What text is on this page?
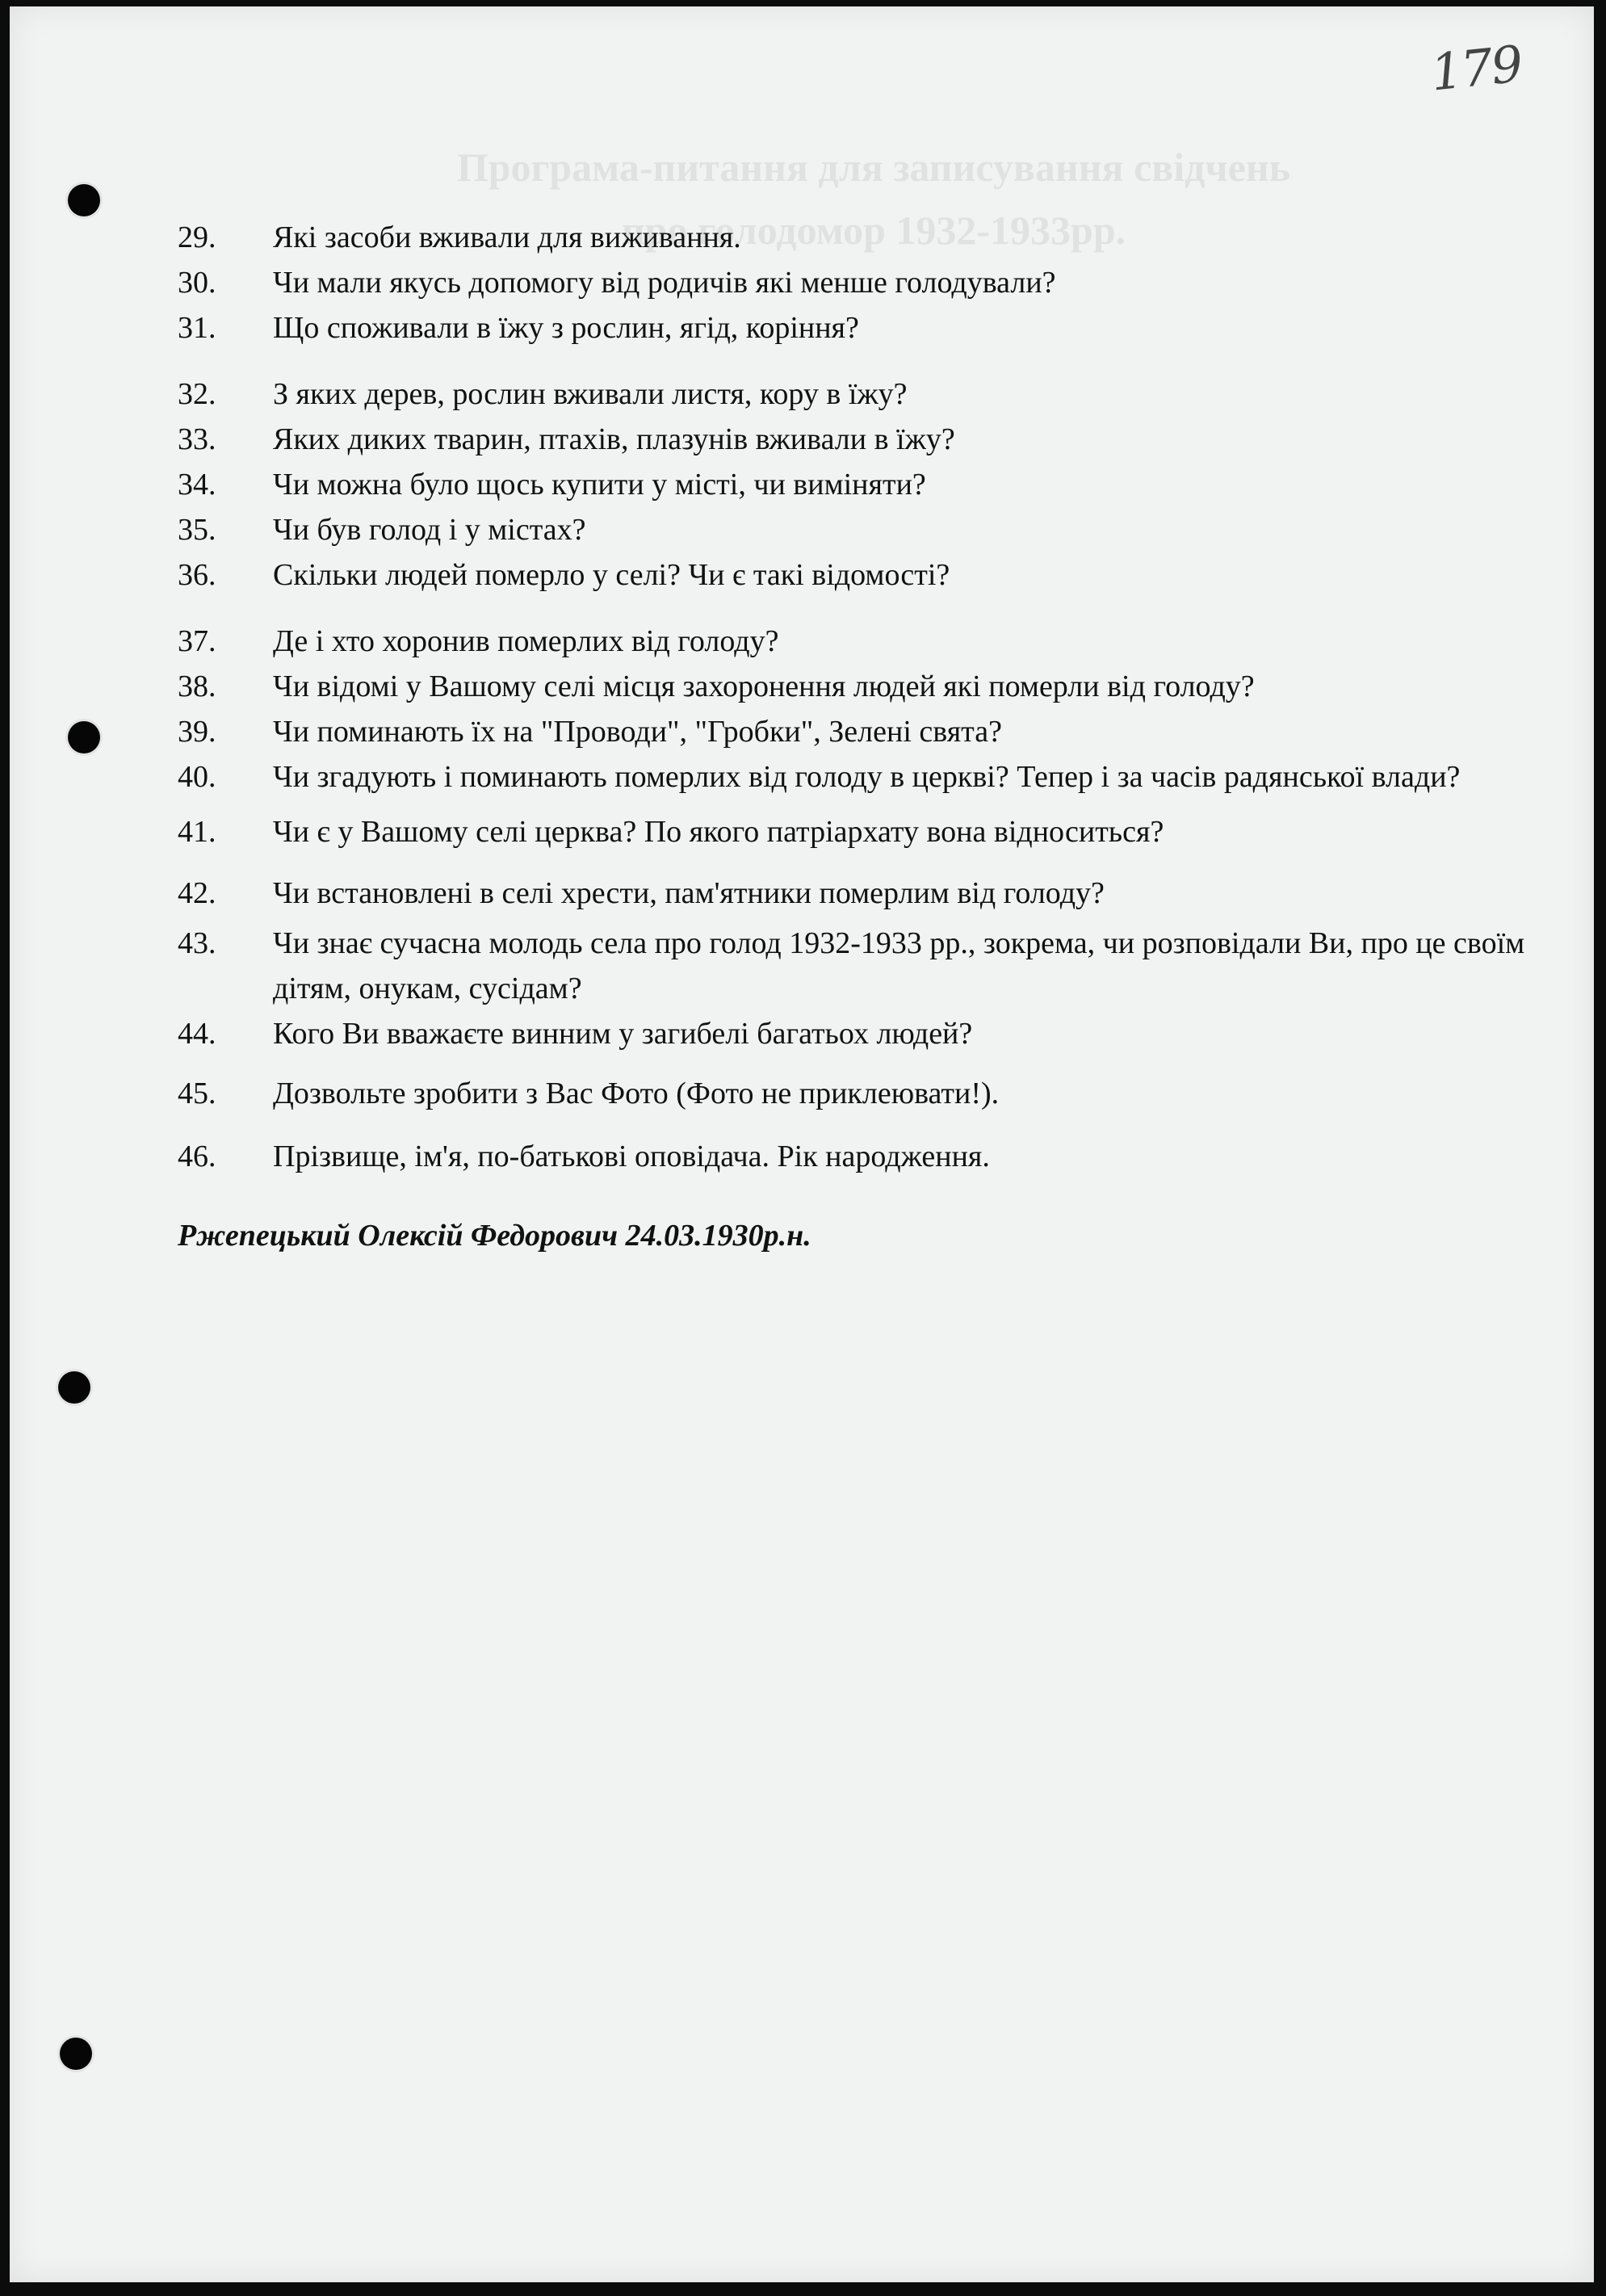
Програма-питання для записування свідчень
про голодомор 1932-1933рр.
179
29.	Які засоби вживали для виживання.
30.	Чи мали якусь допомогу від родичів які менше голодували?
31.	Що споживали в їжу з рослин, ягід, коріння?
32.	З яких дерев, рослин вживали листя, кору в їжу?
33.	Яких диких тварин, птахів, плазунів вживали в їжу?
34.	Чи можна було щось купити у місті, чи виміняти?
35.	Чи був голод і у містах?
36.	Скільки людей померло у селі? Чи є такі відомості?
37.	Де і хто хоронив померлих від голоду?
38.	Чи відомі у Вашому селі місця захоронення людей які померли від голоду?
39.	Чи поминають їх на "Проводи", "Гробки", Зелені свята?
40.	Чи згадують і поминають померлих від голоду в церкві? Тепер і за часів радянської влади?
41.	Чи є у Вашому селі церква? По якого патріархату вона відноситься?
42.	Чи встановлені в селі хрести, пам'ятники померлим від голоду?
43.	Чи знає сучасна молодь села про голод 1932-1933 рр., зокрема, чи розповідали Ви, про це своїм дітям, онукам, сусідам?
44.	Кого Ви вважаєте винним у загибелі багатьох людей?
45.	Дозвольте зробити з Вас Фото (Фото не приклеювати!).
46.	Прізвище, ім'я, по-батькові оповідача. Рік народження.

Ржепецький Олексій Федорович 24.03.1930р.н.
